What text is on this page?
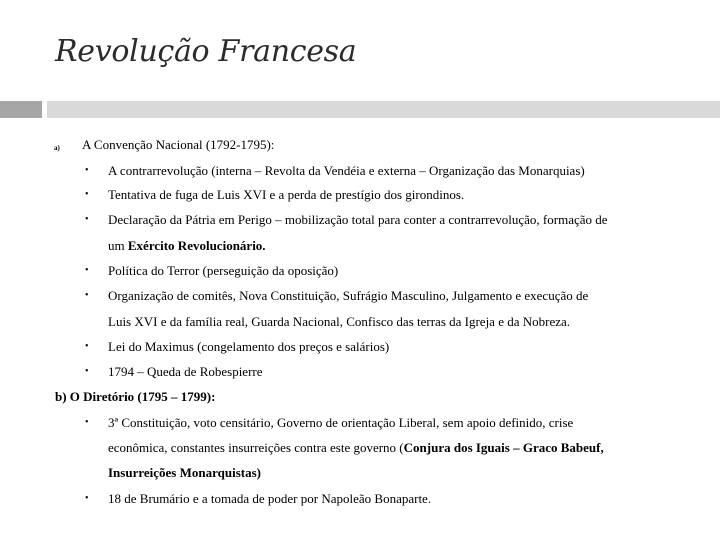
Revolução Francesa
a) A Convenção Nacional (1792-1795):
• A contrarrevolução (interna – Revolta da Vendéia e externa – Organização das Monarquias)
• Tentativa de fuga de Luis XVI e a perda de prestígio dos girondinos.
• Declaração da Pátria em Perigo – mobilização total para conter a contrarrevolução, formação de
um Exército Revolucionário.
• Política do Terror (perseguição da oposição)
• Organização de comitês, Nova Constituição, Sufrágio Masculino, Julgamento e execução de
Luis XVI e da família real, Guarda Nacional, Confisco das terras da Igreja e da Nobreza.
• Lei do Maximus (congelamento dos preços e salários)
• 1794 – Queda de Robespierre
b) O Diretório (1795 – 1799):
• 3ª Constituição, voto censitário, Governo de orientação Liberal, sem apoio definido, crise
econômica, constantes insurreições contra este governo (Conjura dos Iguais – Graco Babeuf,
Insurreições Monarquistas)
• 18 de Brumário e a tomada de poder por Napoleão Bonaparte.
